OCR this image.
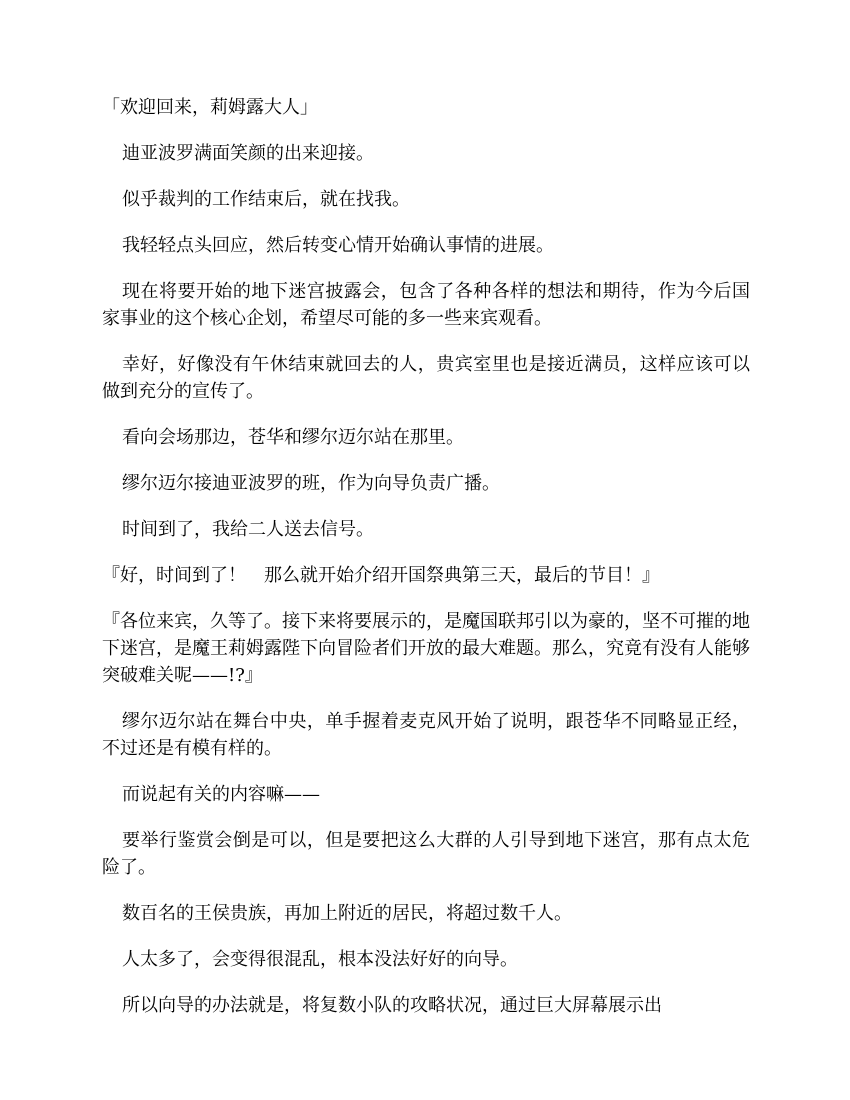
「欢迎回来，莉姆露大人」

迪亚波罗满面笑颜的出来迎接。

似乎裁判的工作结束后，就在找我。

我轻轻点头回应，然后转变心情开始确认事情的进展。

现在将要开始的地下迷宫披露会，包含了各种各样的想法和期待，作为今后国家事业的这个核心企划，希望尽可能的多一些来宾观看。

幸好，好像没有午休结束就回去的人，贵宾室里也是接近满员，这样应该可以做到充分的宣传了。

看向会场那边，苍华和缪尔迈尔站在那里。

缪尔迈尔接迪亚波罗的班，作为向导负责广播。

时间到了，我给二人送去信号。

『好，时间到了！　那么就开始介绍开国祭典第三天，最后的节目！』

『各位来宾，久等了。接下来将要展示的，是魔国联邦引以为豪的，坚不可摧的地下迷宫，是魔王莉姆露陛下向冒险者们开放的最大难题。那么，究竟有没有人能够突破难关呢——!?』

缪尔迈尔站在舞台中央，单手握着麦克风开始了说明，跟苍华不同略显正经，不过还是有模有样的。

而说起有关的内容嘛——

要举行鉴赏会倒是可以，但是要把这么大群的人引导到地下迷宫，那有点太危险了。

数百名的王侯贵族，再加上附近的居民，将超过数千人。

人太多了，会变得很混乱，根本没法好好的向导。

所以向导的办法就是，将复数小队的攻略状况，通过巨大屏幕展示出
